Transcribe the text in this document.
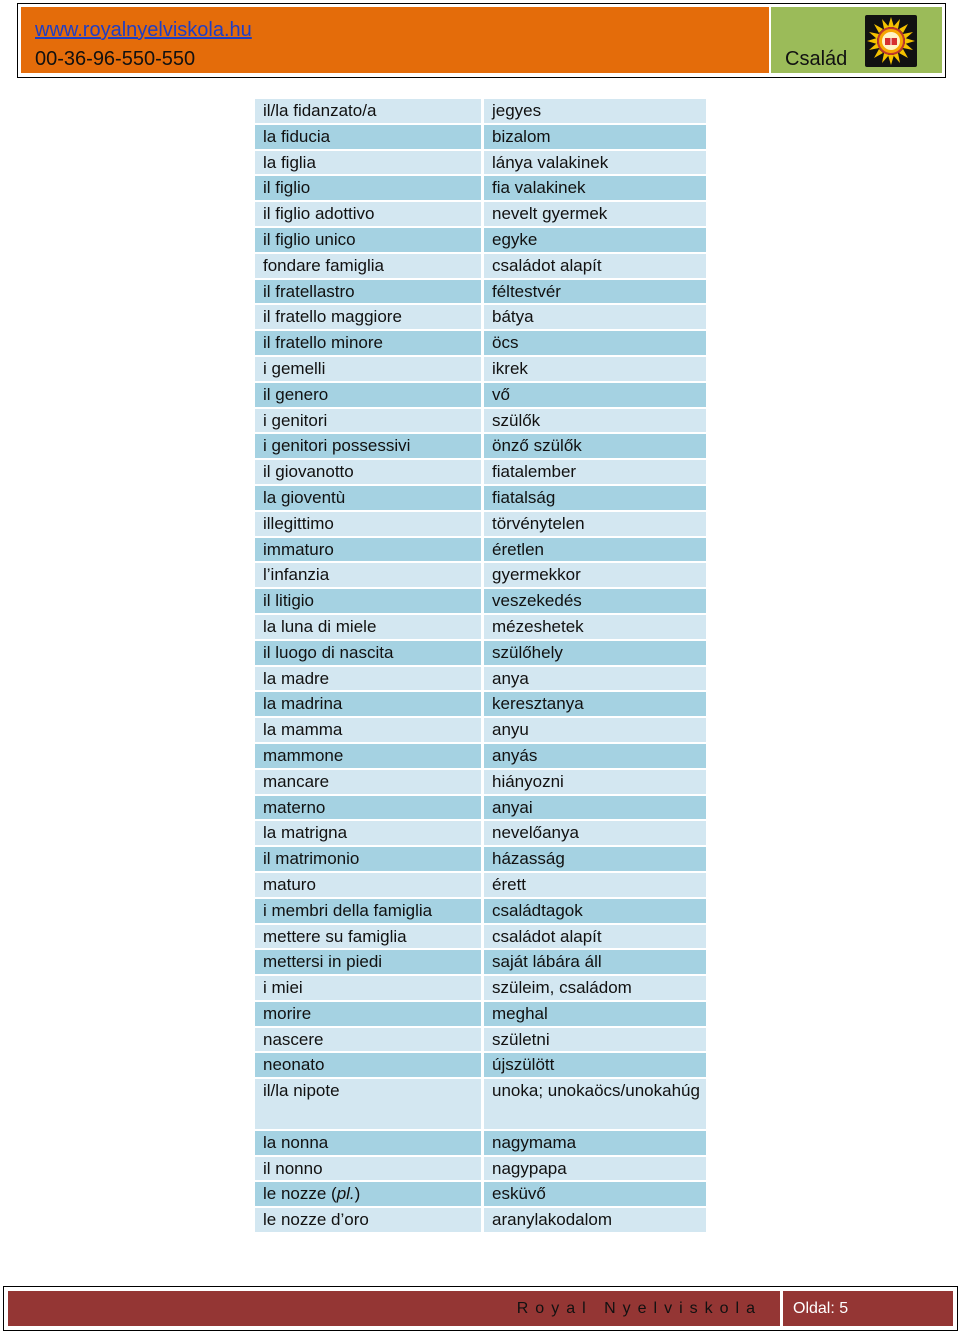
www.royalnyelviskola.hu
00-36-96-550-550	Család
il/la fidanzato/a	jegyes
la fiducia	bizalom
la figlia	lánya valakinek
il figlio	fia valakinek
il figlio adottivo	nevelt gyermek
il figlio unico	egyke
fondare famiglia	családot alapít
il fratellastro	féltestvér
il fratello maggiore	bátya
il fratello minore	öcs
i gemelli	ikrek
il genero	vő
i genitori	szülők
i genitori possessivi	önző szülők
il giovanotto	fiatalember
la gioventù	fiatalság
illegittimo	törvénytelen
immaturo	éretlen
l’infanzia	gyermekkor
il litigio	veszekedés
la luna di miele	mézeshetek
il luogo di nascita	szülőhely
la madre	anya
la madrina	keresztanya
la mamma	anyu
mammone	anyás
mancare	hiányozni
materno	anyai
la matrigna	nevelőanya
il matrimonio	házasság
maturo	érett
i membri della famiglia	családtagok
mettere su famiglia	családot alapít
mettersi in piedi	saját lábára áll
i miei	szüleim, családom
morire	meghal
nascere	születni
neonato	újszülött
il/la nipote	unoka; unokaöcs/unokahúg
la nonna	nagymama
il nonno	nagypapa
le nozze (pl.)	esküvő
le nozze d’oro	aranylakodalom
Royal Nyelviskola Oldal: 5
